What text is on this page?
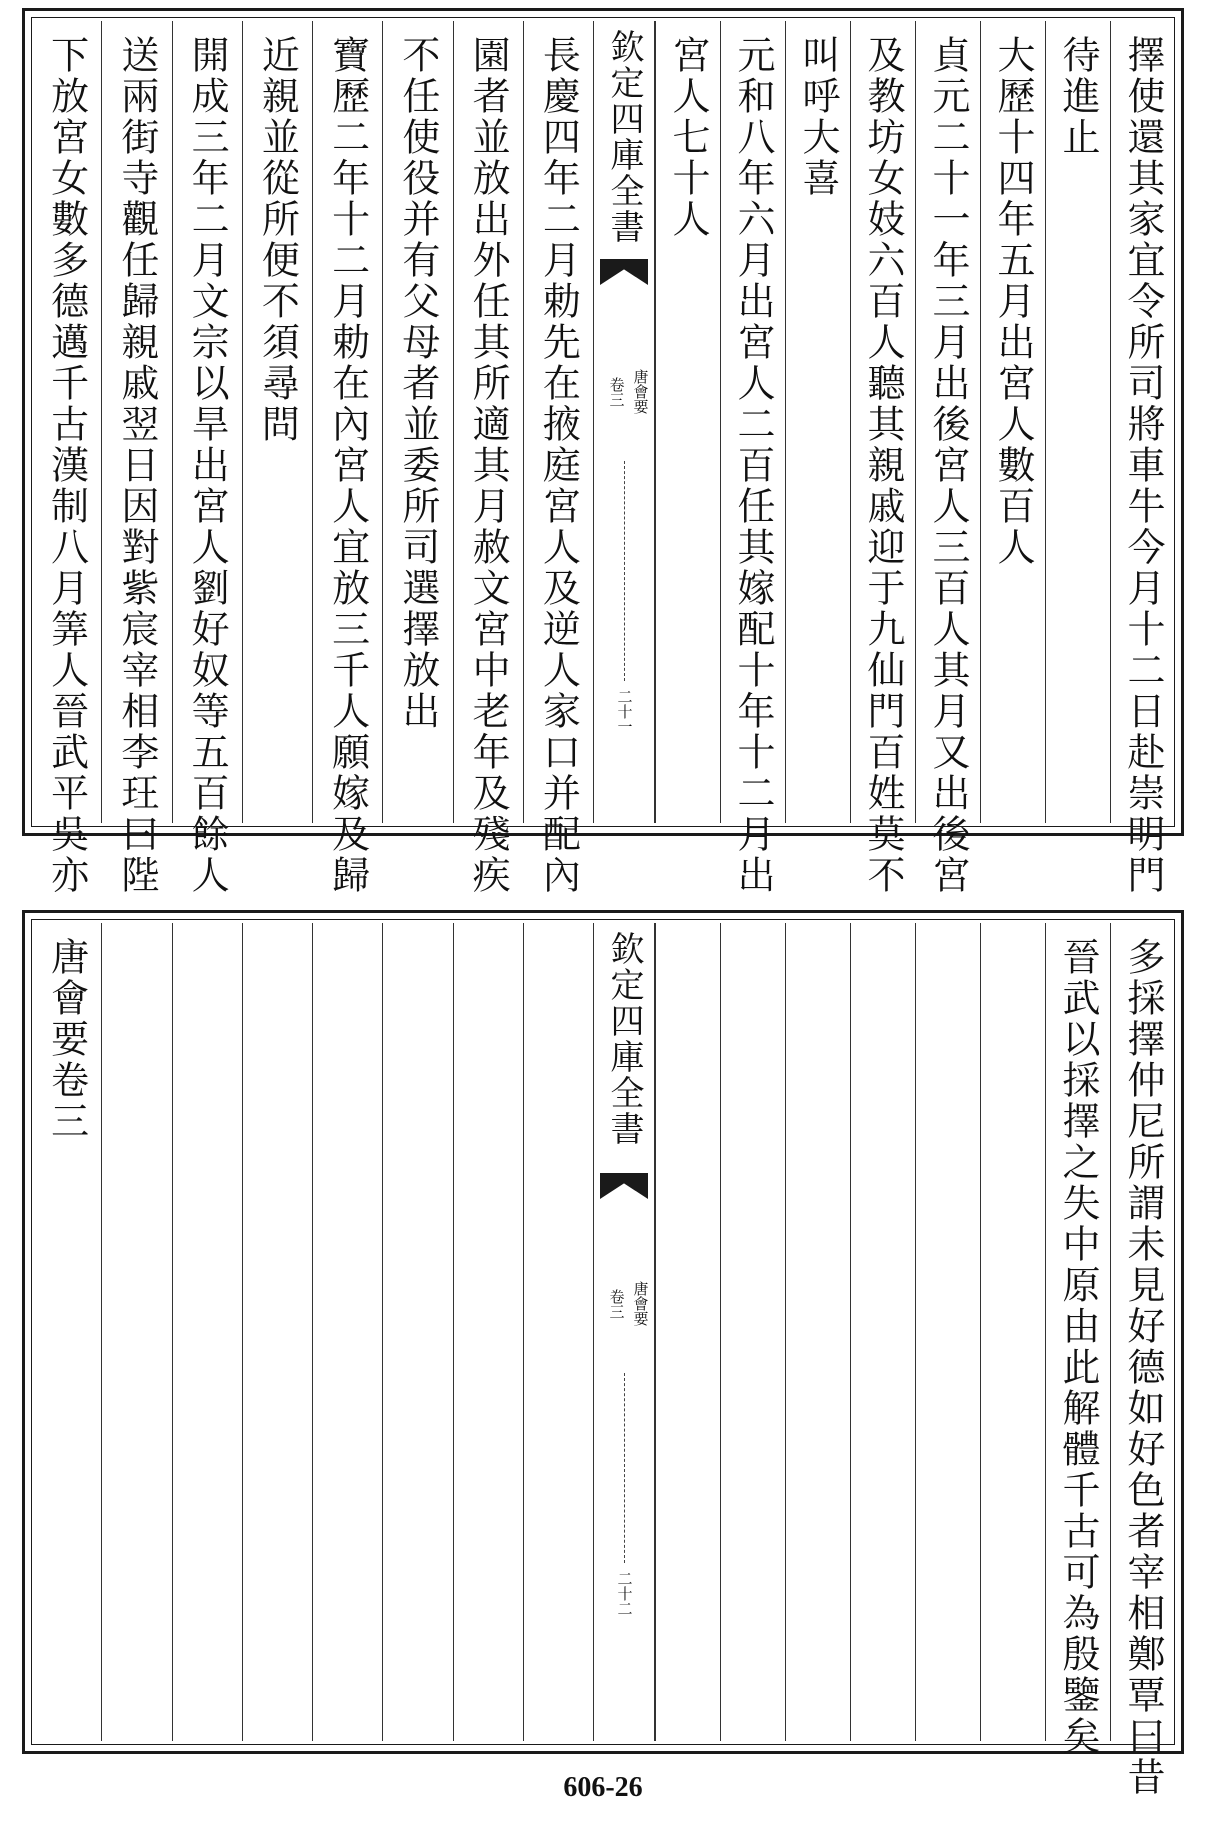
擇使還其家宜令所司將車牛今月十二日赴崇明門
待進止
大歷十四年五月出宮人數百人
貞元二十一年三月出後宮人三百人其月又出後宮
及教坊女妓六百人聽其親戚迎于九仙門百姓莫不
叫呼大喜
元和八年六月出宮人二百任其嫁配十年十二月出
宮人七十人
長慶四年二月勅先在掖庭宮人及逆人家口并配內
園者並放出外任其所適其月赦文宮中老年及殘疾
不任使役并有父母者並委所司選擇放出
寶歷二年十二月勅在內宮人宜放三千人願嫁及歸
近親並從所便不須尋問
開成三年二月文宗以旱出宮人劉好奴等五百餘人
送兩街寺觀任歸親戚翌日因對紫宸宰相李玨曰陛
下放宮女數多德邁千古漢制八月筭人晉武平吳亦	欽定四庫全書
唐會要
卷三
二十一
多採擇仲尼所謂未見好德如好色者宰相鄭覃曰昔
晉武以採擇之失中原由此解體千古可為殷鑒矣
唐會要卷三	欽定四庫全書
唐會要
卷三
二十二
606-26
